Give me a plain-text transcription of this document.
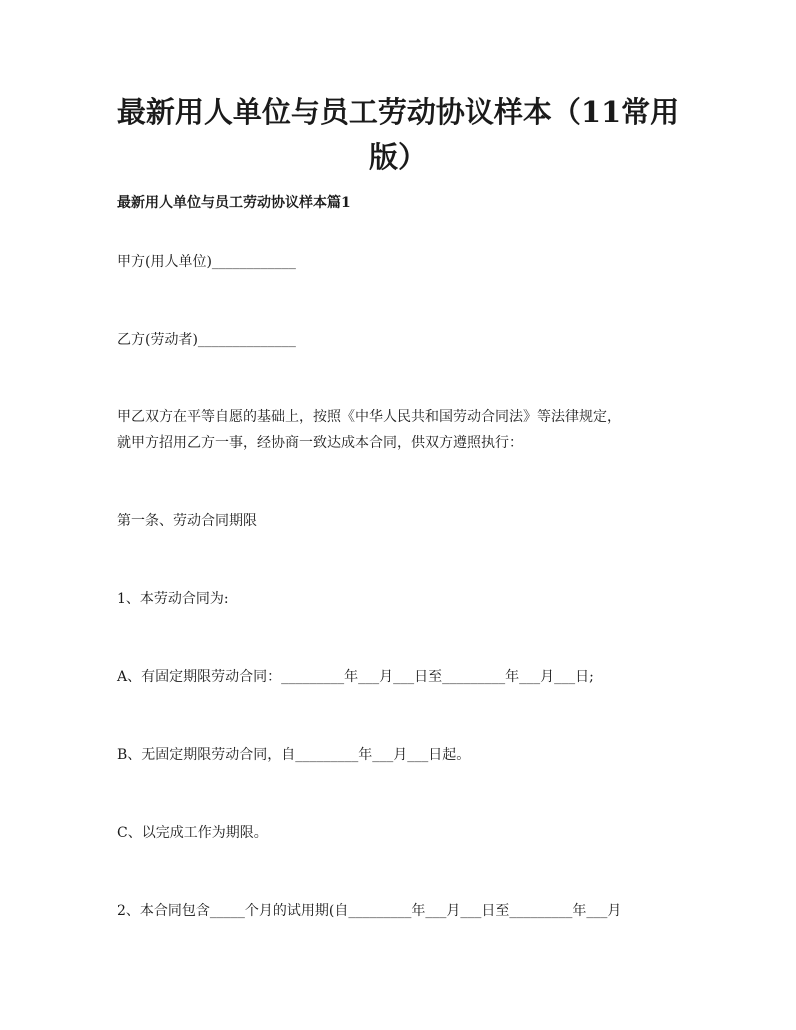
最新用人单位与员工劳动协议样本（11常用
版）
最新用人单位与员工劳动协议样本篇1

甲方(用人单位)____________

乙方(劳动者)______________

甲乙双方在平等自愿的基础上，按照《中华人民共和国劳动合同法》等法律规定，

就甲方招用乙方一事，经协商一致达成本合同，供双方遵照执行：

第一条、劳动合同期限

1、本劳动合同为:

A、有固定期限劳动合同：_________年___月___日至_________年___月___日;

B、无固定期限劳动合同，自_________年___月___日起。

C、以完成工作为期限。

2、本合同包含_____个月的试用期(自_________年___月___日至_________年___月
